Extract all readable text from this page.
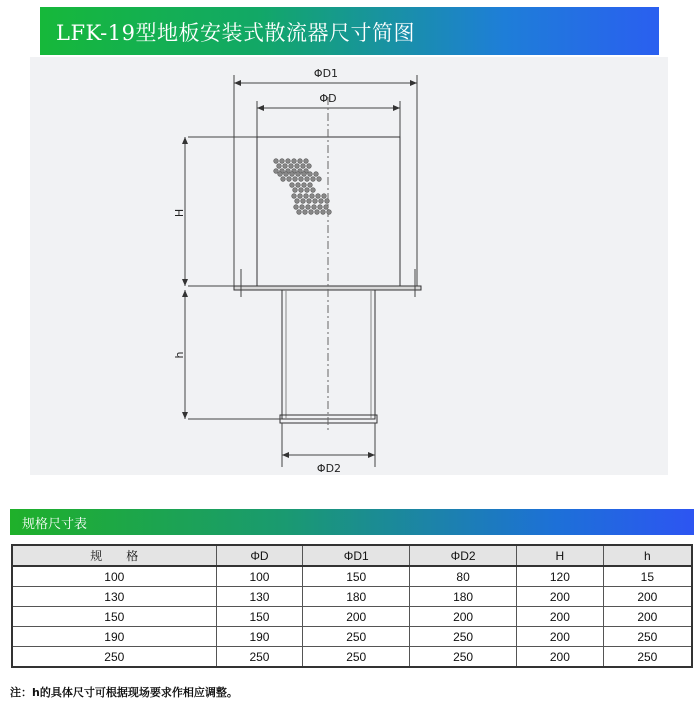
LFK-19型地板安装式散流器尺寸简图
ΦD1
ΦD
ΦD2
H
h
规格尺寸表
规　　格	ΦD	ΦD1	ΦD2	H	h
100	100	150	80	120	15
130	130	180	180	200	200
150	150	200	200	200	200
190	190	250	250	200	250
250	250	250	250	200	250
注：h的具体尺寸可根据现场要求作相应调整。
